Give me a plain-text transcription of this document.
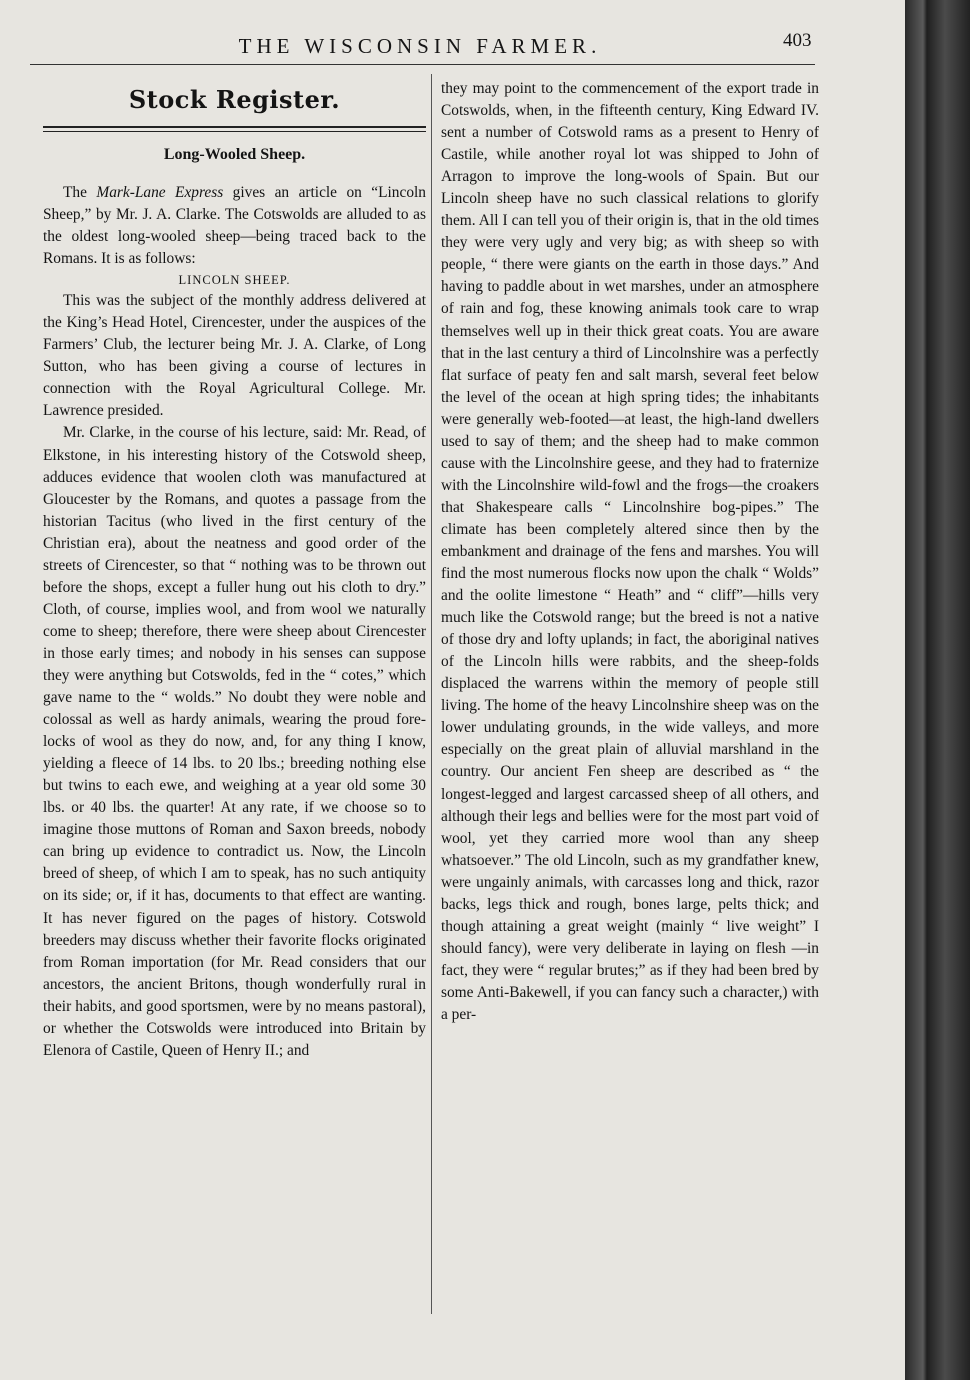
THE WISCONSIN FARMER.	403
Stock Register.
Long-Wooled Sheep.

The Mark-Lane Express gives an article on “Lincoln Sheep,” by Mr. J. A. Clarke. The Cotswolds are alluded to as the oldest long-wooled sheep—being traced back to the Romans. It is as follows:

LINCOLN SHEEP.

This was the subject of the monthly address delivered at the King’s Head Hotel, Cirencester, under the auspices of the Farmers’ Club, the lecturer being Mr. J. A. Clarke, of Long Sutton, who has been giving a course of lectures in connection with the Royal Agricultural College. Mr. Lawrence presided.

Mr. Clarke, in the course of his lecture, said: Mr. Read, of Elkstone, in his interesting history of the Cotswold sheep, adduces evidence that woolen cloth was manufactured at Gloucester by the Romans, and quotes a passage from the historian Tacitus (who lived in the first century of the Christian era), about the neatness and good order of the streets of Cirencester, so that “ nothing was to be thrown out before the shops, except a fuller hung out his cloth to dry.” Cloth, of course, implies wool, and from wool we naturally come to sheep; therefore, there were sheep about Cirencester in those early times; and nobody in his senses can suppose they were anything but Cotswolds, fed in the “ cotes,” which gave name to the “ wolds.” No doubt they were noble and colossal as well as hardy animals, wearing the proud fore-locks of wool as they do now, and, for any thing I know, yielding a fleece of 14 lbs. to 20 lbs.; breeding nothing else but twins to each ewe, and weighing at a year old some 30 lbs. or 40 lbs. the quarter! At any rate, if we choose so to imagine those muttons of Roman and Saxon breeds, nobody can bring up evidence to contradict us. Now, the Lincoln breed of sheep, of which I am to speak, has no such antiquity on its side; or, if it has, documents to that effect are wanting. It has never figured on the pages of history. Cotswold breeders may discuss whether their favorite flocks originated from Roman importation (for Mr. Read considers that our ancestors, the ancient Britons, though wonderfully rural in their habits, and good sportsmen, were by no means pastoral), or whether the Cotswolds were introduced into Britain by Elenora of Castile, Queen of Henry II.; and

they may point to the commencement of the export trade in Cotswolds, when, in the fifteenth century, King Edward IV. sent a number of Cotswold rams as a present to Henry of Castile, while another royal lot was shipped to John of Arragon to improve the long-wools of Spain. But our Lincoln sheep have no such classical relations to glorify them. All I can tell you of their origin is, that in the old times they were very ugly and very big; as with sheep so with people, “ there were giants on the earth in those days.” And having to paddle about in wet marshes, under an atmosphere of rain and fog, these knowing animals took care to wrap themselves well up in their thick great coats. You are aware that in the last century a third of Lincolnshire was a perfectly flat surface of peaty fen and salt marsh, several feet below the level of the ocean at high spring tides; the inhabitants were generally web-footed—at least, the high-land dwellers used to say of them; and the sheep had to make common cause with the Lincolnshire geese, and they had to fraternize with the Lincolnshire wild-fowl and the frogs—the croakers that Shakespeare calls “ Lincolnshire bog-pipes.” The climate has been completely altered since then by the embankment and drainage of the fens and marshes. You will find the most numerous flocks now upon the chalk “ Wolds” and the oolite limestone “ Heath” and “ cliff”—hills very much like the Cotswold range; but the breed is not a native of those dry and lofty uplands; in fact, the aboriginal natives of the Lincoln hills were rabbits, and the sheep-folds displaced the warrens within the memory of people still living. The home of the heavy Lincolnshire sheep was on the lower undulating grounds, in the wide valleys, and more especially on the great plain of alluvial marshland in the country. Our ancient Fen sheep are described as “ the longest-legged and largest carcassed sheep of all others, and although their legs and bellies were for the most part void of wool, yet they carried more wool than any sheep whatsoever.” The old Lincoln, such as my grandfather knew, were ungainly animals, with carcasses long and thick, razor backs, legs thick and rough, bones large, pelts thick; and though attaining a great weight (mainly “ live weight” I should fancy), were very deliberate in laying on flesh —in fact, they were “ regular brutes;” as if they had been bred by some Anti-Bakewell, if you can fancy such a character,) with a per-
